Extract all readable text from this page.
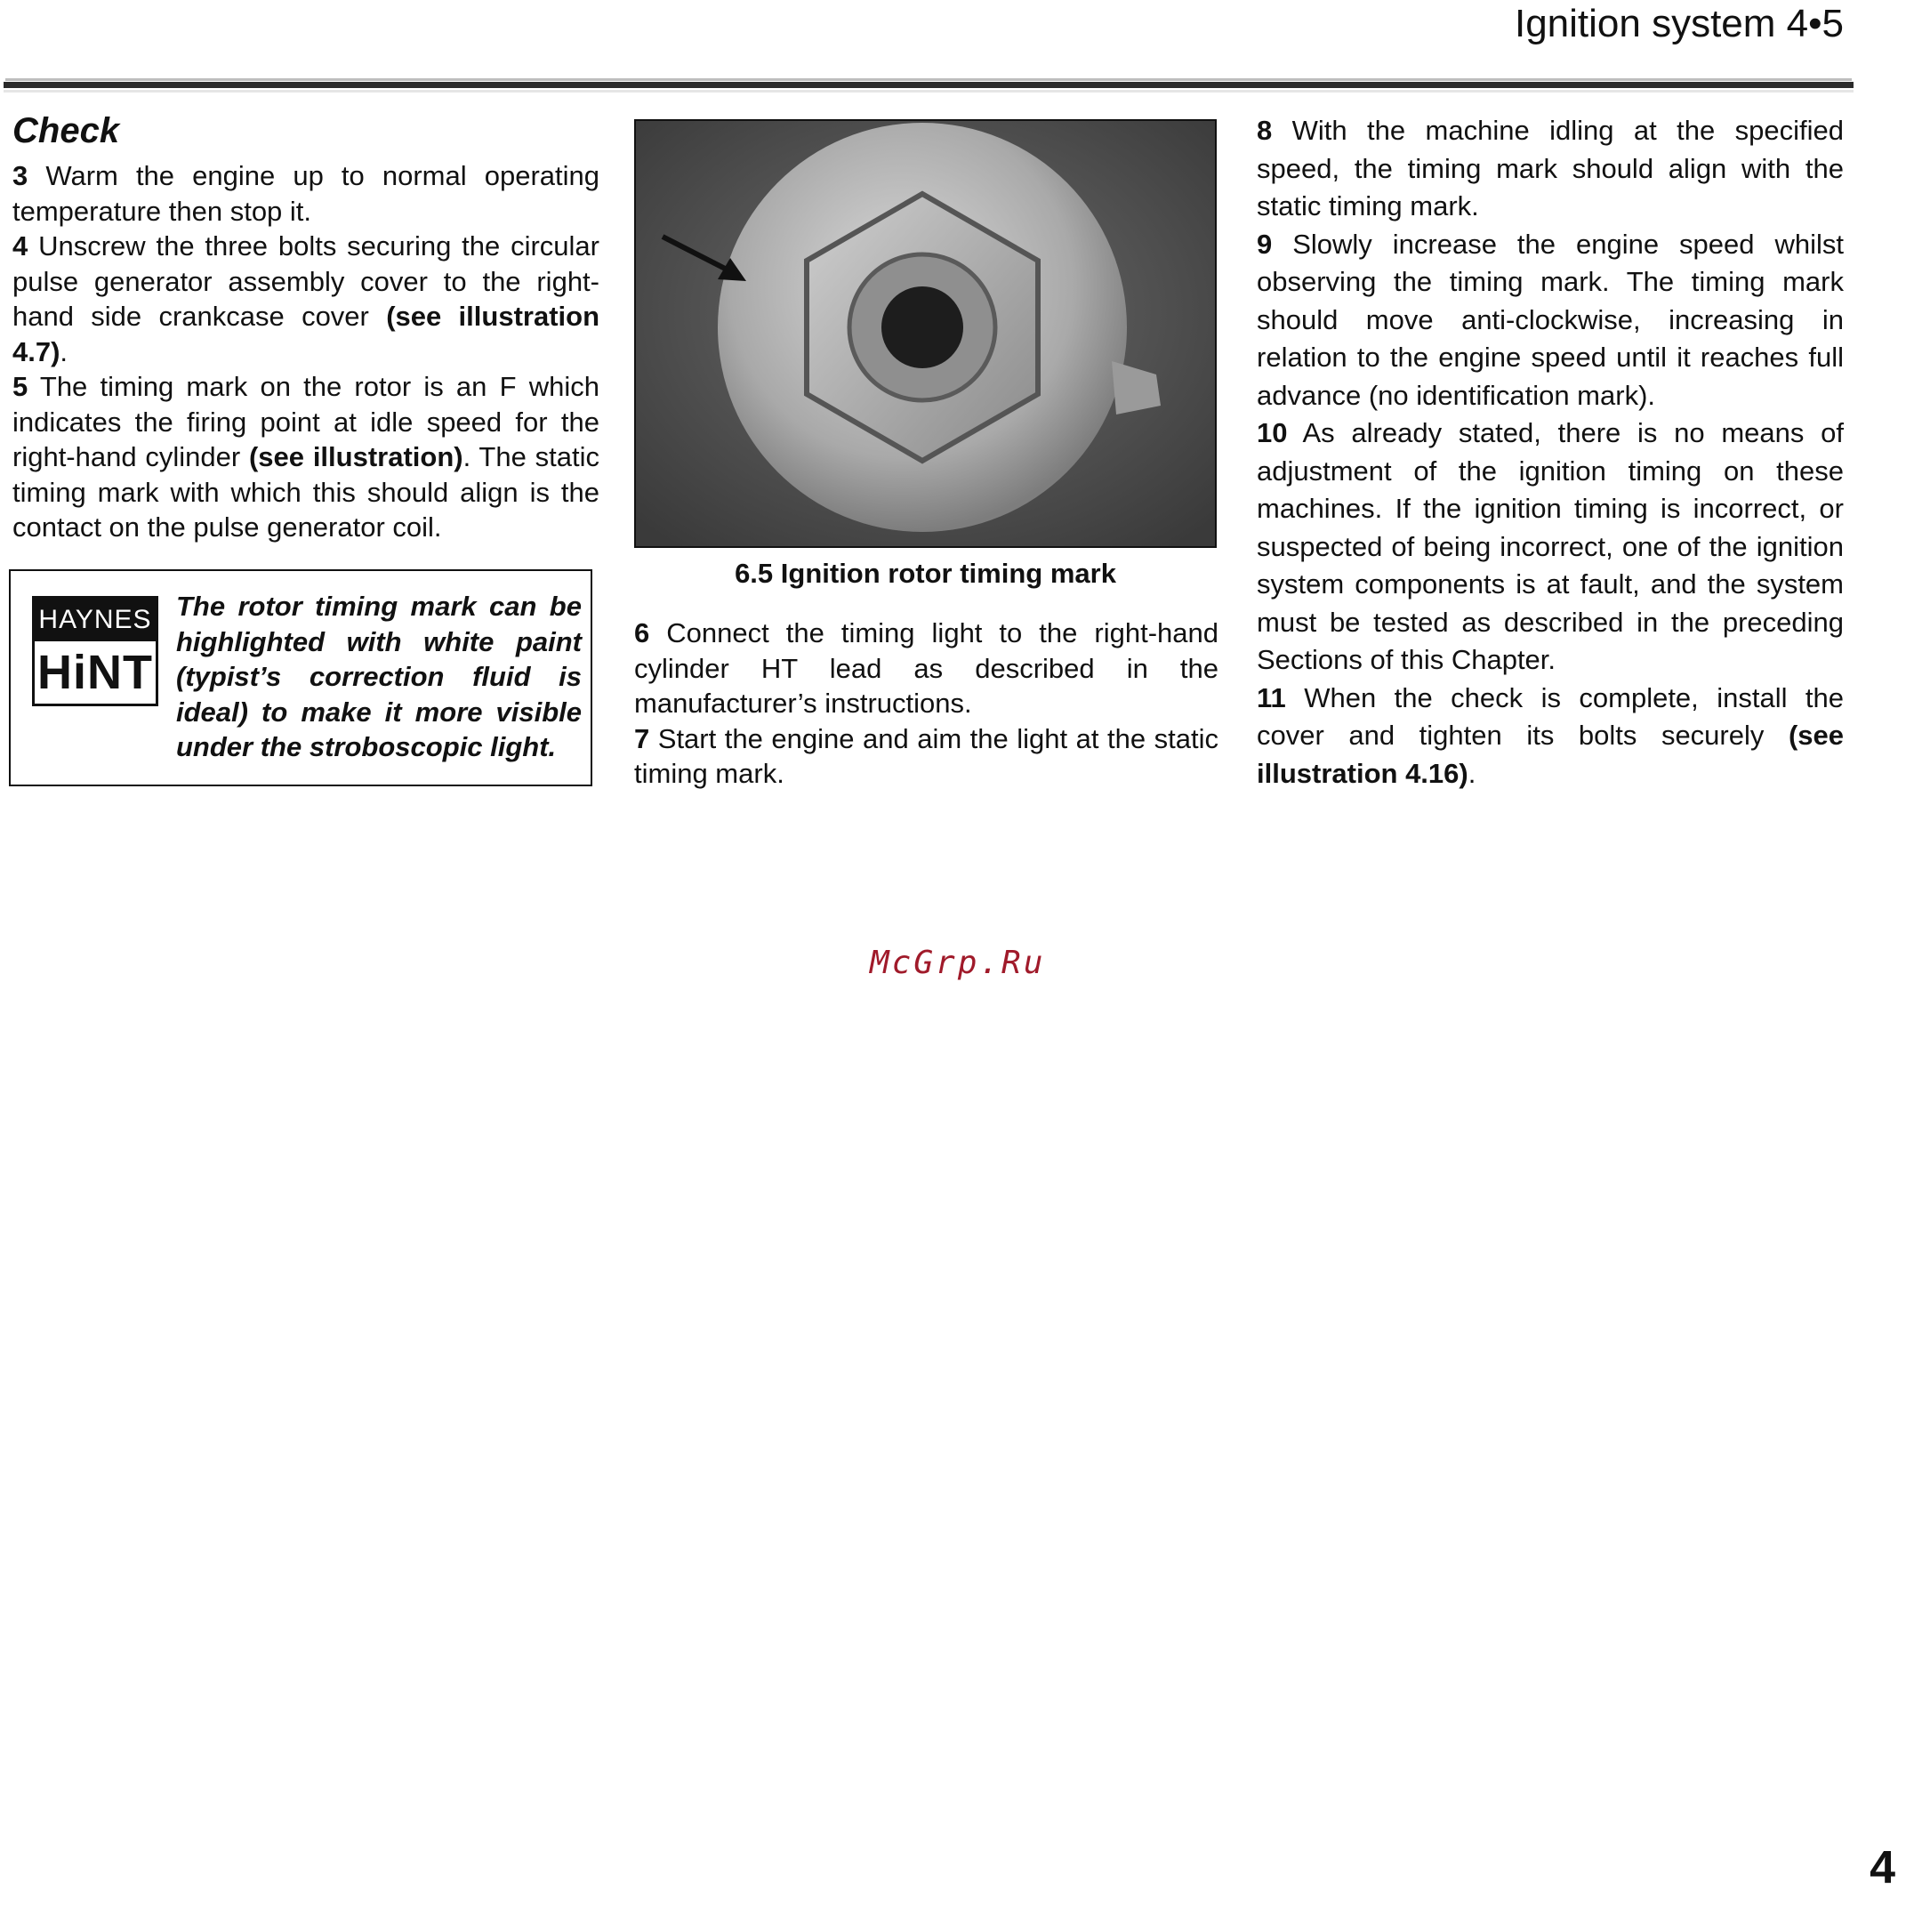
Ignition system 4•5

Check

3 Warm the engine up to normal operating temperature then stop it.

4 Unscrew the three bolts securing the circular pulse generator assembly cover to the right-hand side crankcase cover (see illustration 4.7).

5 The timing mark on the rotor is an F which indicates the firing point at idle speed for the right-hand cylinder (see illustration). The static timing mark with which this should align is the contact on the pulse generator coil.

HAYNES
HiNT
The rotor timing mark can be highlighted with white paint (typist’s correction fluid is ideal) to make it more visible under the stroboscopic light.
6.5 Ignition rotor timing mark

6 Connect the timing light to the right-hand cylinder HT lead as described in the manufacturer’s instructions.

7 Start the engine and aim the light at the static timing mark.

8 With the machine idling at the specified speed, the timing mark should align with the static timing mark.

9 Slowly increase the engine speed whilst observing the timing mark. The timing mark should move anti-clockwise, increasing in relation to the engine speed until it reaches full advance (no identification mark).

10 As already stated, there is no means of adjustment of the ignition timing on these machines. If the ignition timing is incorrect, or suspected of being incorrect, one of the ignition system components is at fault, and the system must be tested as described in the preceding Sections of this Chapter.

11 When the check is complete, install the cover and tighten its bolts securely (see illustration 4.16).

McGrp.Ru
4
